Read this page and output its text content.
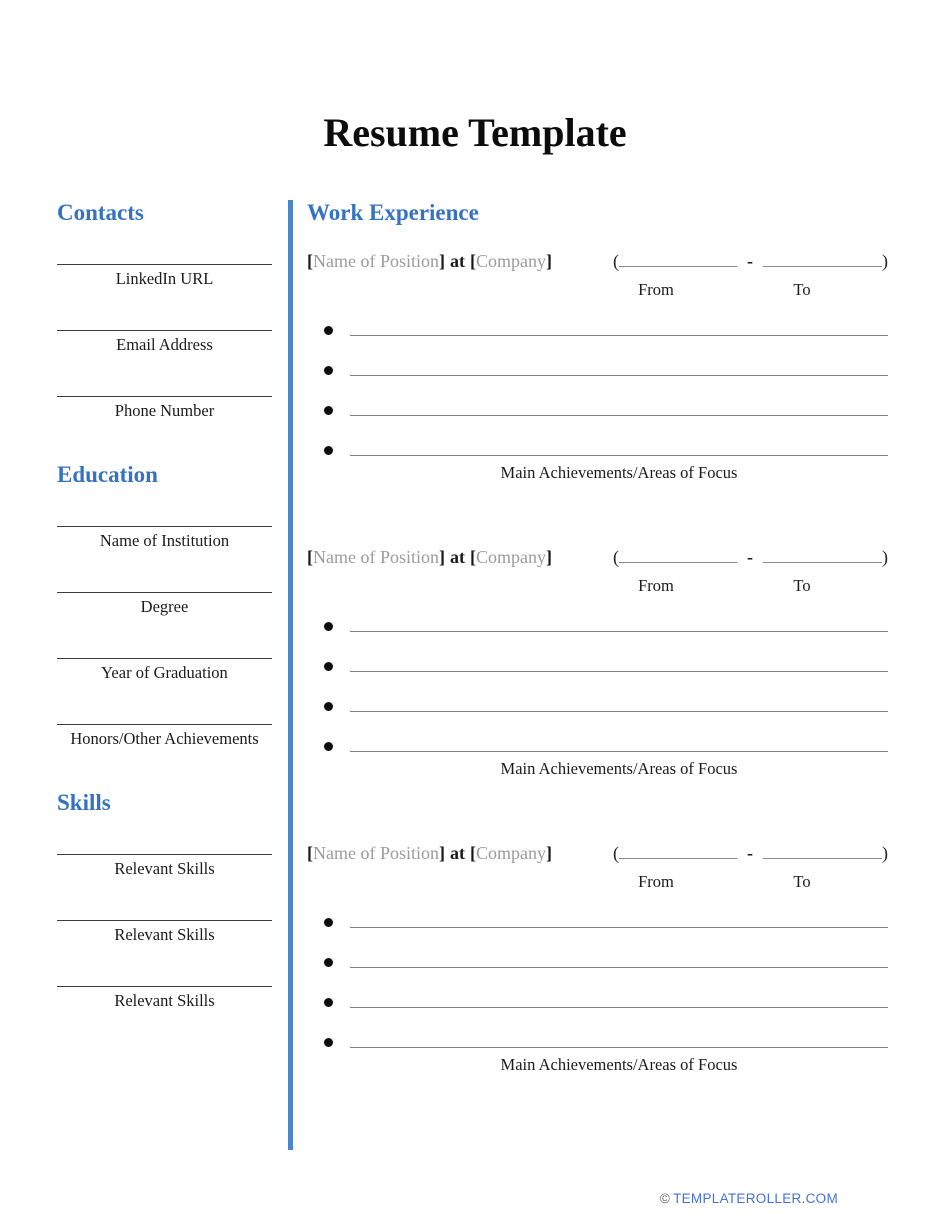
Resume Template
Contacts
LinkedIn URL
Email Address
Phone Number
Education
Name of Institution
Degree
Year of Graduation
Honors/Other Achievements
Skills
Relevant Skills
Relevant Skills
Relevant Skills
Work Experience
[Name of Position] at [Company]	(	-	)
From	To
Main Achievements/Areas of Focus
[Name of Position] at [Company]	(	-	)
From	To
Main Achievements/Areas of Focus
[Name of Position] at [Company]	(	-	)
From	To
Main Achievements/Areas of Focus
© TEMPLATEROLLER.COM
